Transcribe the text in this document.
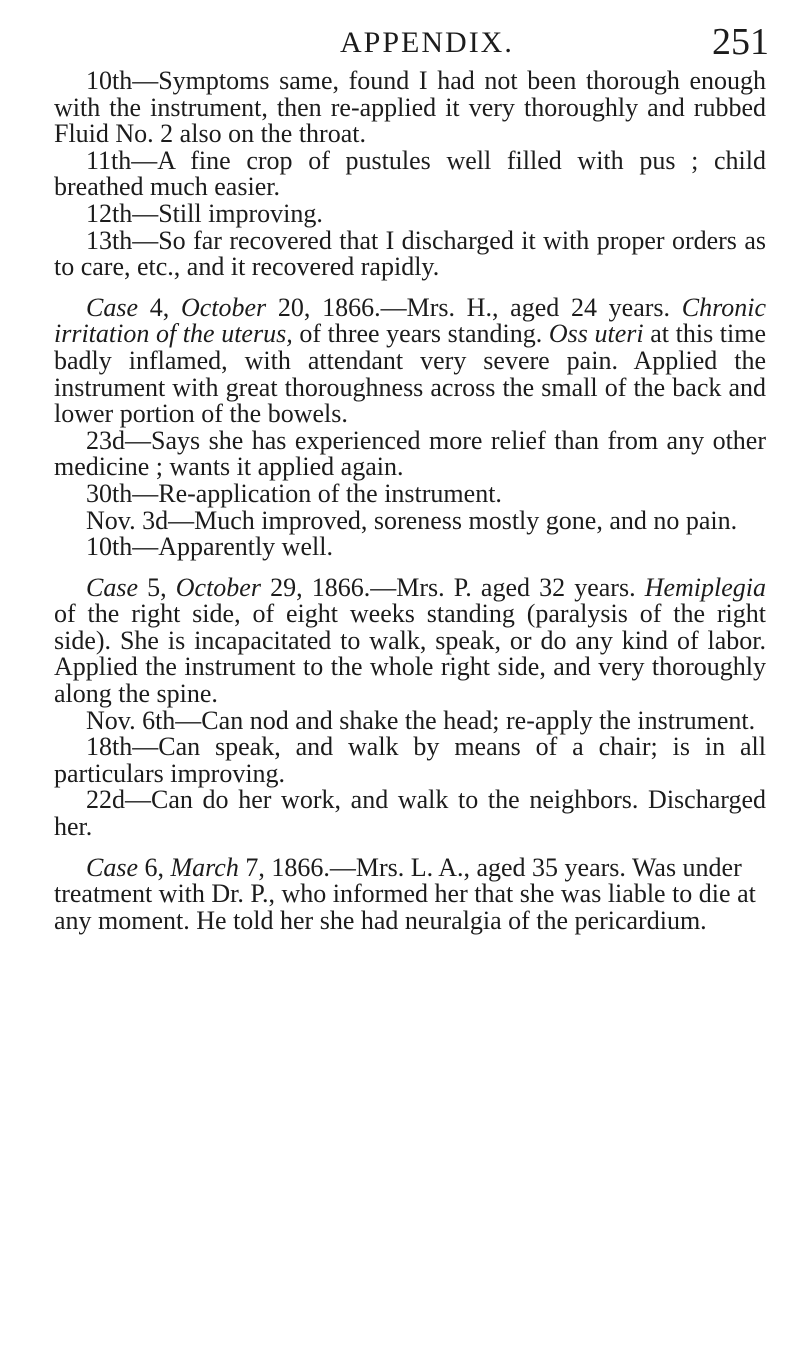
APPENDIX.	251

10th—Symptoms same, found I had not been thorough enough with the instrument, then re-applied it very thoroughly and rubbed Fluid No. 2 also on the throat.

11th—A fine crop of pustules well filled with pus ; child breathed much easier.

12th—Still improving.

13th—So far recovered that I discharged it with proper orders as to care, etc., and it recovered rapidly.

Case 4, October 20, 1866.—Mrs. H., aged 24 years. Chronic irritation of the uterus, of three years standing. Oss uteri at this time badly inflamed, with attendant very severe pain. Applied the instrument with great thoroughness across the small of the back and lower portion of the bowels.

23d—Says she has experienced more relief than from any other medicine ; wants it applied again.

30th—Re-application of the instrument.

Nov. 3d—Much improved, soreness mostly gone, and no pain.

10th—Apparently well.

Case 5, October 29, 1866.—Mrs. P. aged 32 years. Hemiplegia of the right side, of eight weeks standing (paralysis of the right side). She is incapacitated to walk, speak, or do any kind of labor. Applied the instrument to the whole right side, and very thoroughly along the spine.

Nov. 6th—Can nod and shake the head; re-apply the instrument.

18th—Can speak, and walk by means of a chair; is in all particulars improving.

22d—Can do her work, and walk to the neighbors. Discharged her.

Case 6, March 7, 1866.—Mrs. L. A., aged 35 years. Was under treatment with Dr. P., who informed her that she was liable to die at any moment. He told her she had neuralgia of the pericardium.
